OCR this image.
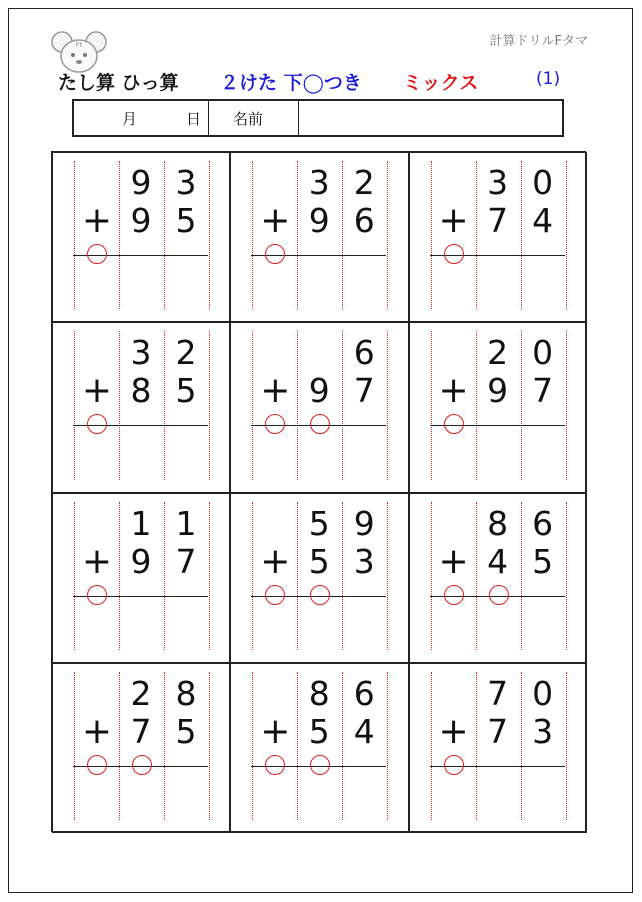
Ft	計算ドリルFタマ
たし算 ひっ算 ２けた 下◯つき ミックス	(1)
月	日 名前
9 3
+ 9 5
3 2
+ 9 6
3 0
+ 7 4
3 2
+ 8 5
6
+ 9 7
2 0
+ 9 7
1 1
+ 9 7
5 9
+ 5 3
8 6
+ 4 5
2 8
+ 7 5
8 6
+ 5 4
7 0
+ 7 3
